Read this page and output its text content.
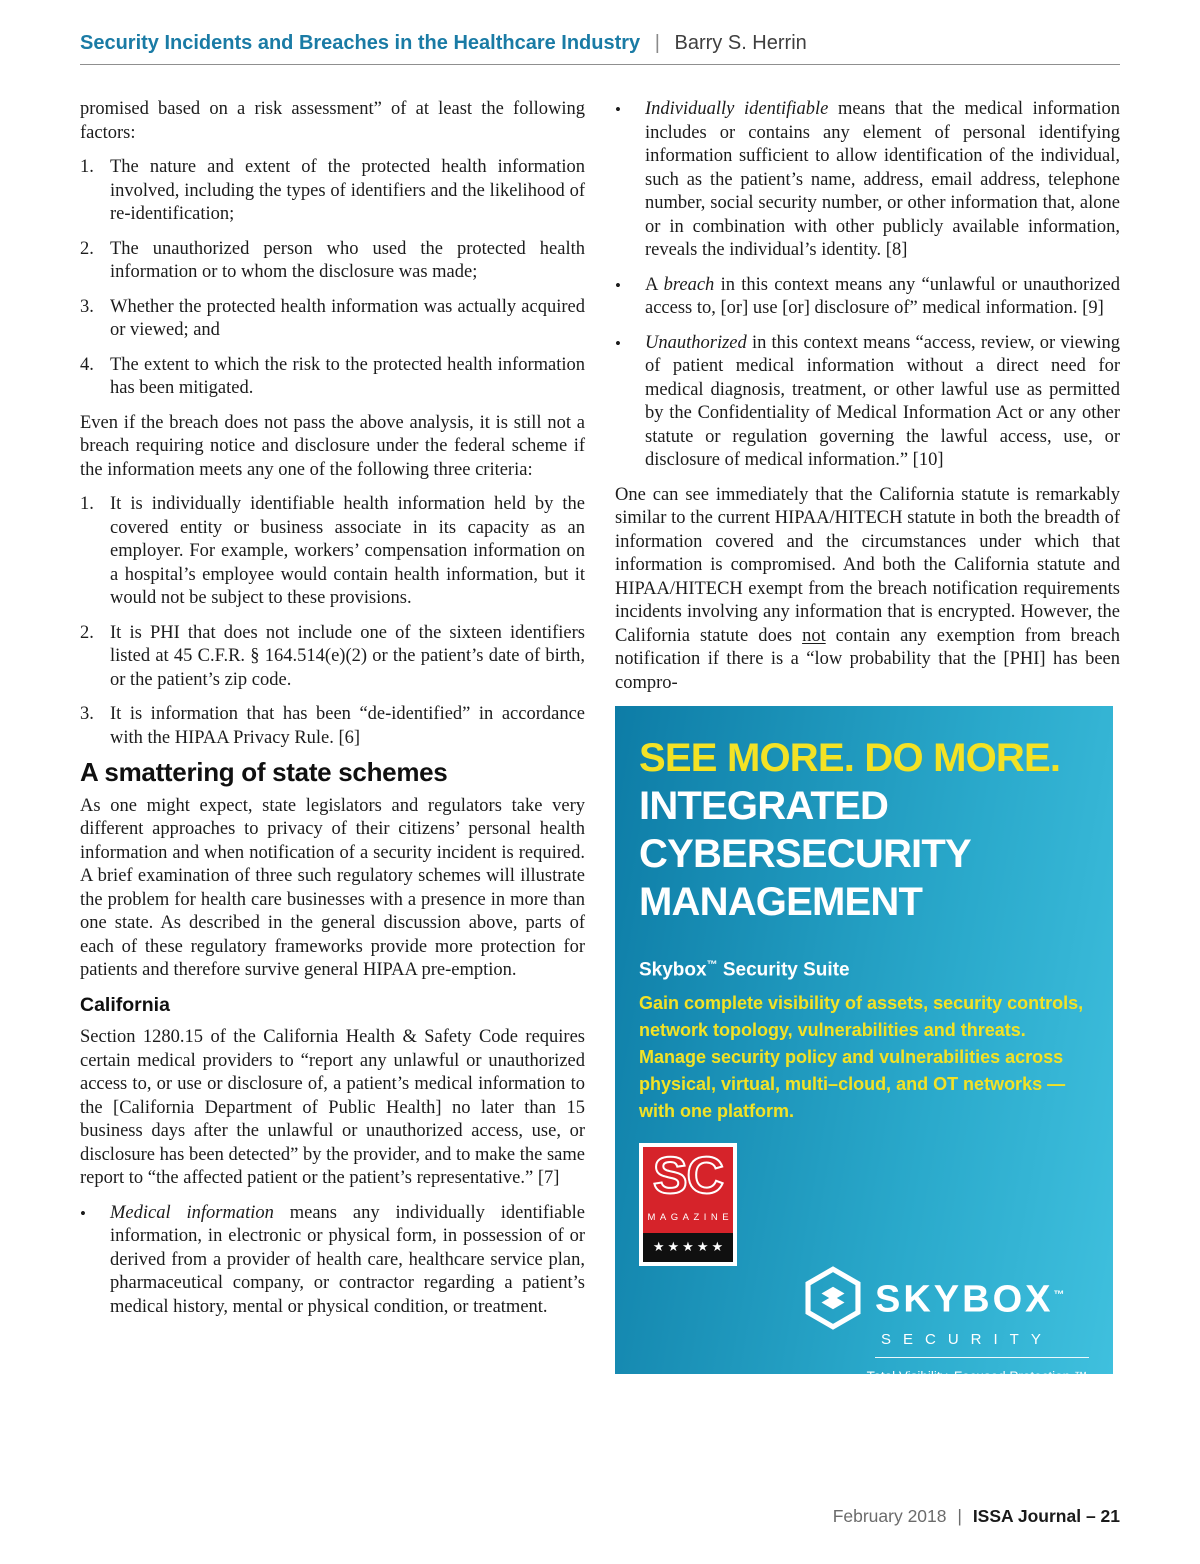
Security Incidents and Breaches in the Healthcare Industry | Barry S. Herrin

promised based on a risk assessment” of at least the following factors:

1. The nature and extent of the protected health information involved, including the types of identifiers and the likelihood of re-identification;
2. The unauthorized person who used the protected health information or to whom the disclosure was made;
3. Whether the protected health information was actually acquired or viewed; and
4. The extent to which the risk to the protected health information has been mitigated.

Even if the breach does not pass the above analysis, it is still not a breach requiring notice and disclosure under the federal scheme if the information meets any one of the following three criteria:

1. It is individually identifiable health information held by the covered entity or business associate in its capacity as an employer. For example, workers’ compensation information on a hospital’s employee would contain health information, but it would not be subject to these provisions.
2. It is PHI that does not include one of the sixteen identifiers listed at 45 C.F.R. § 164.514(e)(2) or the patient’s date of birth, or the patient’s zip code.
3. It is information that has been “de-identified” in accordance with the HIPAA Privacy Rule. [6]
A smattering of state schemes

As one might expect, state legislators and regulators take very different approaches to privacy of their citizens’ personal health information and when notification of a security incident is required. A brief examination of three such regulatory schemes will illustrate the problem for health care businesses with a presence in more than one state. As described in the general discussion above, parts of each of these regulatory frameworks provide more protection for patients and therefore survive general HIPAA pre-emption.

California

Section 1280.15 of the California Health & Safety Code requires certain medical providers to “report any unlawful or unauthorized access to, or use or disclosure of, a patient’s medical information to the [California Department of Public Health] no later than 15 business days after the unlawful or unauthorized access, use, or disclosure has been detected” by the provider, and to make the same report to “the affected patient or the patient’s representative.” [7]

•	Medical information means any individually identifiable information, in electronic or physical form, in possession of or derived from a provider of health care, healthcare service plan, pharmaceutical company, or contractor regarding a patient’s medical history, mental or physical condition, or treatment.
•	Individually identifiable means that the medical information includes or contains any element of personal identifying information sufficient to allow identification of the individual, such as the patient’s name, address, email address, telephone number, social security number, or other information that, alone or in combination with other publicly available information, reveals the individual’s identity. [8]
•	A breach in this context means any “unlawful or unauthorized access to, [or] use [or] disclosure of” medical information. [9]
•	Unauthorized in this context means “access, review, or viewing of patient medical information without a direct need for medical diagnosis, treatment, or other lawful use as permitted by the Confidentiality of Medical Information Act or any other statute or regulation governing the lawful access, use, or disclosure of medical information.” [10]

One can see immediately that the California statute is remarkably similar to the current HIPAA/HITECH statute in both the breadth of information covered and the circumstances under which that information is compromised. And both the California statute and HIPAA/HITECH exempt from the breach notification requirements incidents involving any information that is encrypted. However, the California statute does not contain any exemption from breach notification if there is a “low probability that the [PHI] has been compro-

SEE MORE. DO MORE.
INTEGRATED
CYBERSECURITY
MANAGEMENT
Skybox™ Security Suite
Gain complete visibility of assets, security controls, network topology, vulnerabilities and threats. Manage security policy and vulnerabilities across physical, virtual, multi–cloud, and OT networks — with one platform.
SC
MAGAZINE
★★★★★
SKYBOX™
SECURITY
Total Visibility. Focused Protection.™
www.skyboxsecurity.com
February 2018 | ISSA Journal – 21
